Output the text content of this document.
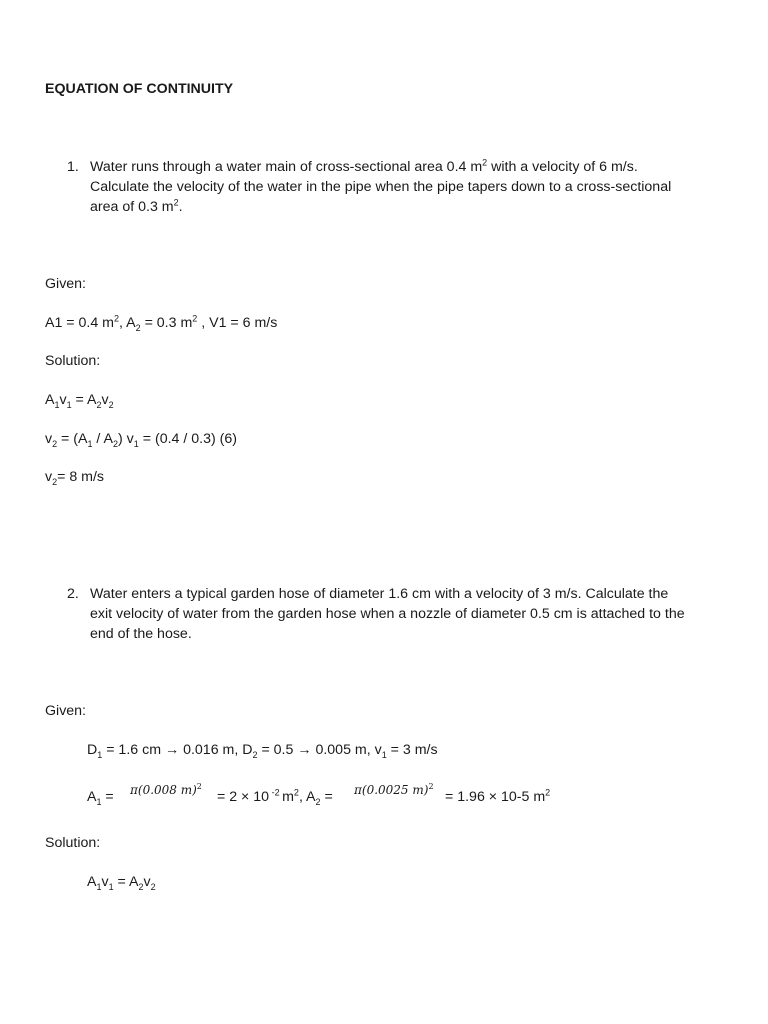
EQUATION OF CONTINUITY
1. Water runs through a water main of cross-sectional area 0.4 $m^2$ with a velocity of 6 m/s.
Calculate the velocity of the water in the pipe when the pipe tapers down to a cross-sectional
area of 0.3 $m^2$.
Given:
A1 = 0.4 $m^2$, $A_2 = 0.3$ $m^2$ , V1 = 6 m/s
Solution:
$A_1v_1 = A_2v_2$
$v_2 = (A_1 / A_2) v_1 = (0.4 / 0.3)$ (6)
$v_2= 8$ m/s
2. Water enters a typical garden hose of diameter 1.6 cm with a velocity of 3 m/s. Calculate the
exit velocity of water from the garden hose when a nozzle of diameter 0.5 cm is attached to the
end of the hose.
Given:
$D_1 = 1.6$ cm → 0.016 m, $D_2 = 0.5 \to 0.005$ m, $v_1 = 3$ m/s
$A_1 = ^{\pi(0.008 m)^2}$
= 2 × 10 $^{-2}$ $m^2$, $A_2 = ^{\pi(0.0025 m)^2}$
= 1.96 × 10-5 $m^2$
Solution:
$A_1v_1 = A_2v_2$
